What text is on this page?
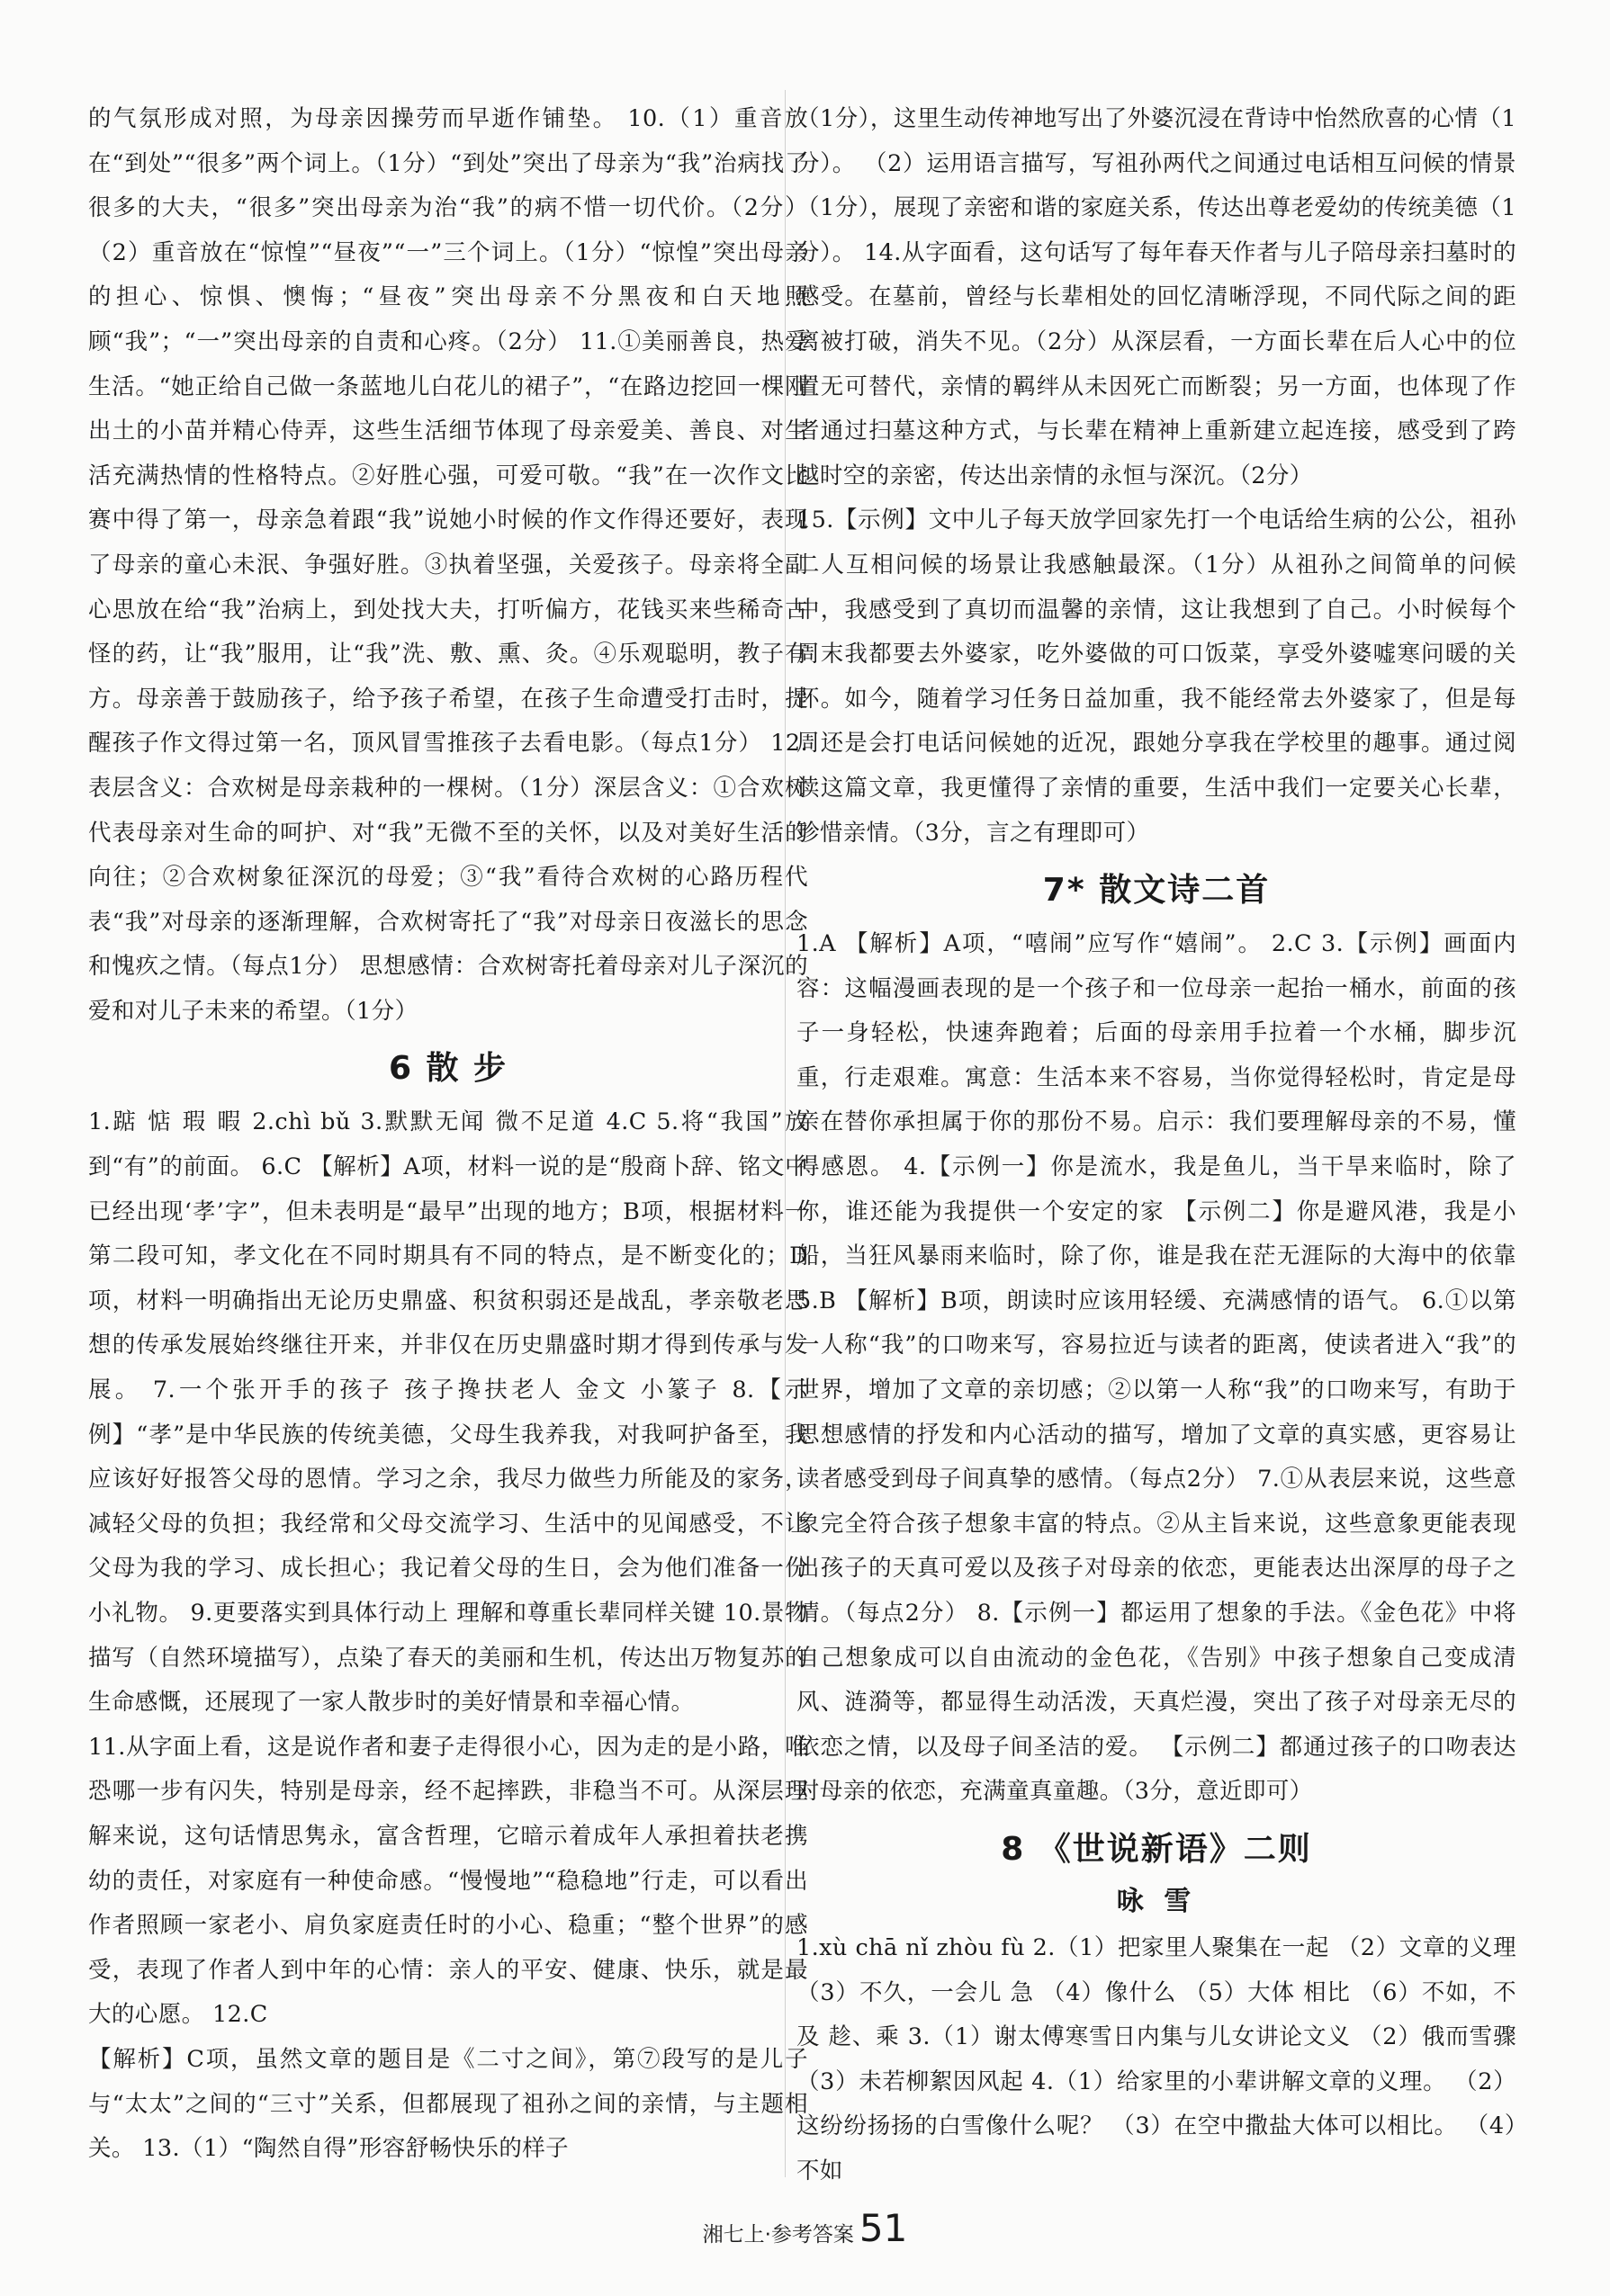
的气氛形成对照，为母亲因操劳而早逝作铺垫。 10.（1）重音放在“到处”“很多”两个词上。（1分）“到处”突出了母亲为“我”治病找了很多的大夫，“很多”突出母亲为治“我”的病不惜一切代价。（2分） （2）重音放在“惊惶”“昼夜”“一”三个词上。（1分）“惊惶”突出母亲的担心、惊惧、懊悔；“昼夜”突出母亲不分黑夜和白天地照顾“我”；“一”突出母亲的自责和心疼。（2分） 11.①美丽善良，热爱生活。“她正给自己做一条蓝地儿白花儿的裙子”，“在路边挖回一棵刚出土的小苗并精心侍弄，这些生活细节体现了母亲爱美、善良、对生活充满热情的性格特点。②好胜心强，可爱可敬。“我”在一次作文比赛中得了第一，母亲急着跟“我”说她小时候的作文作得还要好，表现了母亲的童心未泯、争强好胜。③执着坚强，关爱孩子。母亲将全副心思放在给“我”治病上，到处找大夫，打听偏方，花钱买来些稀奇古怪的药，让“我”服用，让“我”洗、敷、熏、灸。④乐观聪明，教子有方。母亲善于鼓励孩子，给予孩子希望，在孩子生命遭受打击时，提醒孩子作文得过第一名，顶风冒雪推孩子去看电影。（每点1分） 12.表层含义：合欢树是母亲栽种的一棵树。（1分）深层含义：①合欢树代表母亲对生命的呵护、对“我”无微不至的关怀，以及对美好生活的向往；②合欢树象征深沉的母爱；③“我”看待合欢树的心路历程代表“我”对母亲的逐渐理解，合欢树寄托了“我”对母亲日夜滋长的思念和愧疚之情。（每点1分） 思想感情：合欢树寄托着母亲对儿子深沉的爱和对儿子未来的希望。（1分）

6 散 步

1.踮 惦 瑕 暇 2.chì bǔ 3.默默无闻 微不足道 4.C 5.将“我国”放到“有”的前面。 6.C 【解析】A项，材料一说的是“殷商卜辞、铭文中已经出现‘孝’字”，但未表明是“最早”出现的地方；B项，根据材料一第二段可知，孝文化在不同时期具有不同的特点，是不断变化的；D项，材料一明确指出无论历史鼎盛、积贫积弱还是战乱，孝亲敬老思想的传承发展始终继往开来，并非仅在历史鼎盛时期才得到传承与发展。 7.一个张开手的孩子 孩子搀扶老人 金文 小篆子 8.【示例】“孝”是中华民族的传统美德，父母生我养我，对我呵护备至，我应该好好报答父母的恩情。学习之余，我尽力做些力所能及的家务，减轻父母的负担；我经常和父母交流学习、生活中的见闻感受，不让父母为我的学习、成长担心；我记着父母的生日，会为他们准备一份小礼物。 9.更要落实到具体行动上 理解和尊重长辈同样关键 10.景物描写（自然环境描写），点染了春天的美丽和生机，传达出万物复苏的生命感慨，还展现了一家人散步时的美好情景和幸福心情。

11.从字面上看，这是说作者和妻子走得很小心，因为走的是小路，唯恐哪一步有闪失，特别是母亲，经不起摔跌，非稳当不可。从深层理解来说，这句话情思隽永，富含哲理，它暗示着成年人承担着扶老携幼的责任，对家庭有一种使命感。“慢慢地”“稳稳地”行走，可以看出作者照顾一家老小、肩负家庭责任时的小心、稳重；“整个世界”的感受，表现了作者人到中年的心情：亲人的平安、健康、快乐，就是最大的心愿。 12.C

【解析】C项，虽然文章的题目是《二寸之间》，第⑦段写的是儿子与“太太”之间的“三寸”关系，但都展现了祖孙之间的亲情，与主题相关。 13.（1）“陶然自得”形容舒畅快乐的样子

（1分），这里生动传神地写出了外婆沉浸在背诗中怡然欣喜的心情（1分）。 （2）运用语言描写，写祖孙两代之间通过电话相互问候的情景（1分），展现了亲密和谐的家庭关系，传达出尊老爱幼的传统美德（1分）。 14.从字面看，这句话写了每年春天作者与儿子陪母亲扫墓时的感受。在墓前，曾经与长辈相处的回忆清晰浮现，不同代际之间的距离被打破，消失不见。（2分）从深层看，一方面长辈在后人心中的位置无可替代，亲情的羁绊从未因死亡而断裂；另一方面，也体现了作者通过扫墓这种方式，与长辈在精神上重新建立起连接，感受到了跨越时空的亲密，传达出亲情的永恒与深沉。（2分）

15.【示例】文中儿子每天放学回家先打一个电话给生病的公公，祖孙二人互相问候的场景让我感触最深。（1分）从祖孙之间简单的问候中，我感受到了真切而温馨的亲情，这让我想到了自己。小时候每个周末我都要去外婆家，吃外婆做的可口饭菜，享受外婆嘘寒问暖的关怀。如今，随着学习任务日益加重，我不能经常去外婆家了，但是每周还是会打电话问候她的近况，跟她分享我在学校里的趣事。通过阅读这篇文章，我更懂得了亲情的重要，生活中我们一定要关心长辈，珍惜亲情。（3分，言之有理即可）

7* 散文诗二首

1.A 【解析】A项，“嘻闹”应写作“嬉闹”。 2.C 3.【示例】画面内容：这幅漫画表现的是一个孩子和一位母亲一起抬一桶水，前面的孩子一身轻松，快速奔跑着；后面的母亲用手拉着一个水桶，脚步沉重，行走艰难。寓意：生活本来不容易，当你觉得轻松时，肯定是母亲在替你承担属于你的那份不易。启示：我们要理解母亲的不易，懂得感恩。 4.【示例一】你是流水，我是鱼儿，当干旱来临时，除了你，谁还能为我提供一个安定的家 【示例二】你是避风港，我是小船，当狂风暴雨来临时，除了你，谁是我在茫无涯际的大海中的依靠 5.B 【解析】B项，朗读时应该用轻缓、充满感情的语气。 6.①以第一人称“我”的口吻来写，容易拉近与读者的距离，使读者进入“我”的世界，增加了文章的亲切感；②以第一人称“我”的口吻来写，有助于思想感情的抒发和内心活动的描写，增加了文章的真实感，更容易让读者感受到母子间真挚的感情。（每点2分） 7.①从表层来说，这些意象完全符合孩子想象丰富的特点。②从主旨来说，这些意象更能表现出孩子的天真可爱以及孩子对母亲的依恋，更能表达出深厚的母子之情。（每点2分） 8.【示例一】都运用了想象的手法。《金色花》中将自己想象成可以自由流动的金色花，《告别》中孩子想象自己变成清风、涟漪等，都显得生动活泼，天真烂漫，突出了孩子对母亲无尽的依恋之情，以及母子间圣洁的爱。 【示例二】都通过孩子的口吻表达对母亲的依恋，充满童真童趣。（3分，意近即可）

8 《世说新语》二则
咏 雪

1.xù chā nǐ zhòu fù 2.（1）把家里人聚集在一起 （2）文章的义理 （3）不久，一会儿 急 （4）像什么 （5）大体 相比 （6）不如，不及 趁、乘 3.（1）谢太傅寒雪日内集与儿女讲论文义 （2）俄而雪骤 （3）未若柳絮因风起 4.（1）给家里的小辈讲解文章的义理。 （2）这纷纷扬扬的白雪像什么呢？ （3）在空中撒盐大体可以相比。 （4）不如

湘七上·参考答案 51
